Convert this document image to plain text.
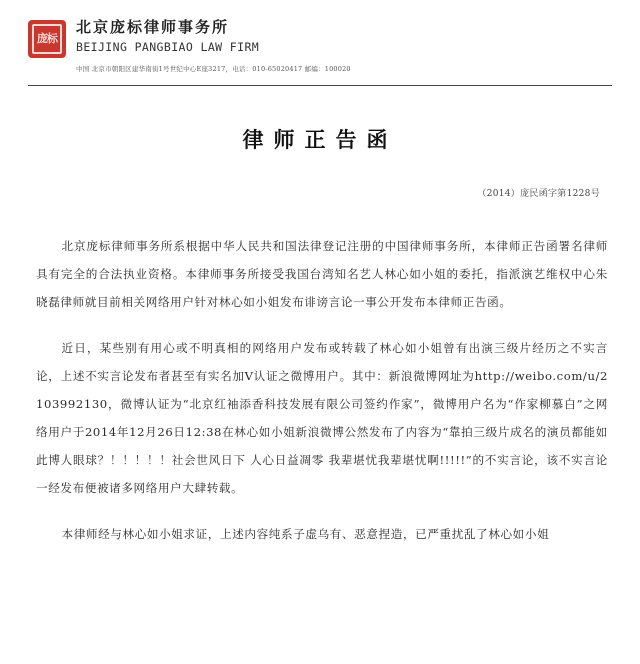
庞标
北京庞标律师事务所
BEIJING PANGBIAO LAW FIRM
中国 北京市朝阳区建华南街1号世纪中心E座3217，电话：010-65020417 邮编：100020
律师正告函
（2014）庞民函字第1228号

北京庞标律师事务所系根据中华人民共和国法律登记注册的中国律师事务所，本律师正告函署名律师具有完全的合法执业资格。本律师事务所接受我国台湾知名艺人林心如小姐的委托，指派演艺维权中心朱晓磊律师就目前相关网络用户针对林心如小姐发布诽谤言论一事公开发布本律师正告函。

近日，某些别有用心或不明真相的网络用户发布或转载了林心如小姐曾有出演三级片经历之不实言论，上述不实言论发布者甚至有实名加V认证之微博用户。其中：新浪微博网址为http://weibo.com/u/2103992130，微博认证为“北京红袖添香科技发展有限公司签约作家”，微博用户名为“作家柳慕白”之网络用户于2014年12月26日12:38在林心如小姐新浪微博公然发布了内容为“靠拍三级片成名的演员都能如此博人眼球？！！！！！社会世风日下 人心日益凋零 我辈堪忧我辈堪忧啊!!!!!”的不实言论，该不实言论一经发布便被诸多网络用户大肆转载。

本律师经与林心如小姐求证，上述内容纯系子虚乌有、恶意捏造，已严重扰乱了林心如小姐
